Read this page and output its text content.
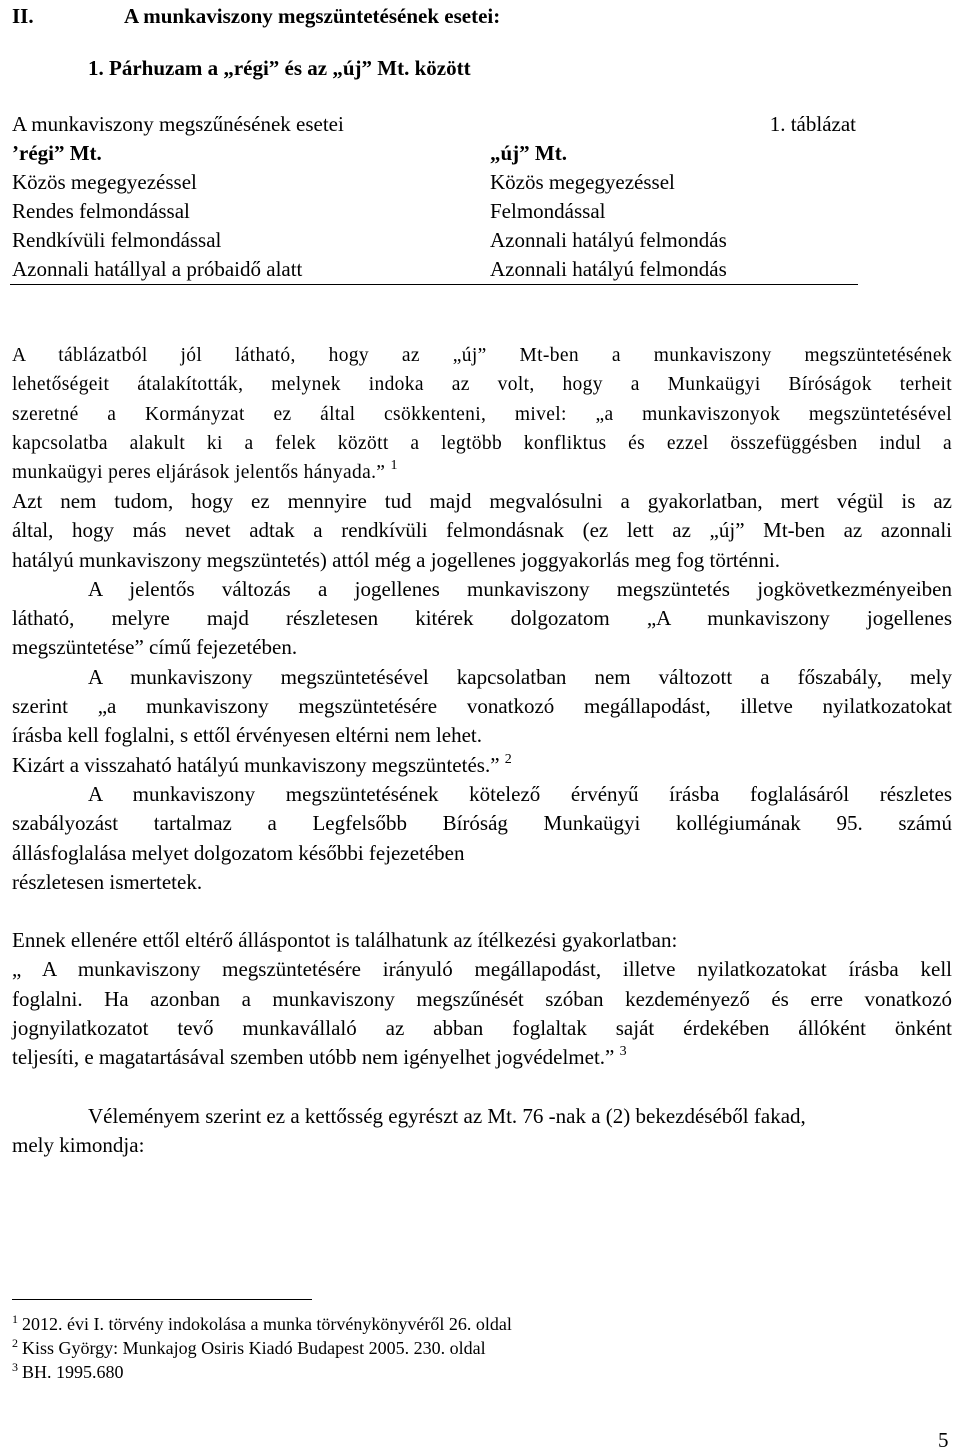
II.	A munkaviszony megszüntetésének esetei:
1. Párhuzam a „régi” és az „új” Mt. között
A munkaviszony megszűnésének esetei	1. táblázat
’régi” Mt.	„új” Mt.
Közös megegyezéssel	Közös megegyezéssel
Rendes felmondással	Felmondással
Rendkívüli felmondással	Azonnali hatályú felmondás
Azonnali hatállyal a próbaidő alatt	Azonnali hatályú felmondás
A táblázatból jól látható, hogy az „új” Mt-ben a munkaviszony megszüntetésének
lehetőségeit átalakították, melynek indoka az volt, hogy a Munkaügyi Bíróságok terheit
szeretné a Kormányzat ez által csökkenteni, mivel: „a munkaviszonyok megszüntetésével
kapcsolatba alakult ki a felek között a legtöbb konfliktus és ezzel összefüggésben indul a
munkaügyi peres eljárások jelentős hányada.” $^1$
Azt nem tudom, hogy ez mennyire tud majd megvalósulni a gyakorlatban, mert végül is az
által, hogy más nevet adtak a rendkívüli felmondásnak (ez lett az „új” Mt-ben az azonnali
hatályú munkaviszony megszüntetés) attól még a jogellenes joggyakorlás meg fog történni.
A jelentős változás a jogellenes munkaviszony megszüntetés jogkövetkezményeiben
látható, melyre majd részletesen kitérek dolgozatom „A munkaviszony jogellenes
megszüntetése” című fejezetében.
A munkaviszony megszüntetésével kapcsolatban nem változott a főszabály, mely
szerint „a munkaviszony megszüntetésére vonatkozó megállapodást, illetve nyilatkozatokat
írásba kell foglalni, s ettől érvényesen eltérni nem lehet.
Kizárt a visszaható hatályú munkaviszony megszüntetés.” $^2$
A munkaviszony megszüntetésének kötelező érvényű írásba foglalásáról részletes
szabályozást tartalmaz a Legfelsőbb Bíróság Munkaügyi kollégiumának 95. számú
állásfoglalása melyet dolgozatom későbbi fejezetében
részletesen ismertetek.
Ennek ellenére ettől eltérő álláspontot is találhatunk az ítélkezési gyakorlatban:
„ A munkaviszony megszüntetésére irányuló megállapodást, illetve nyilatkozatokat írásba kell
foglalni. Ha azonban a munkaviszony megszűnését szóban kezdeményező és erre vonatkozó
jognyilatkozatot tevő munkavállaló az abban foglaltak saját érdekében állóként önként
teljesíti, e magatartásával szemben utóbb nem igényelhet jogvédelmet.” $^3$
Véleményem szerint ez a kettősség egyrészt az Mt. 76 -nak a (2) bekezdéséből fakad,
mely kimondja:
$^1$ 2012. évi I. törvény indokolása a munka törvénykönyvéről 26. oldal
$^2$ Kiss György: Munkajog Osiris Kiadó Budapest 2005. 230. oldal
$^3$ BH. 1995.680
5
